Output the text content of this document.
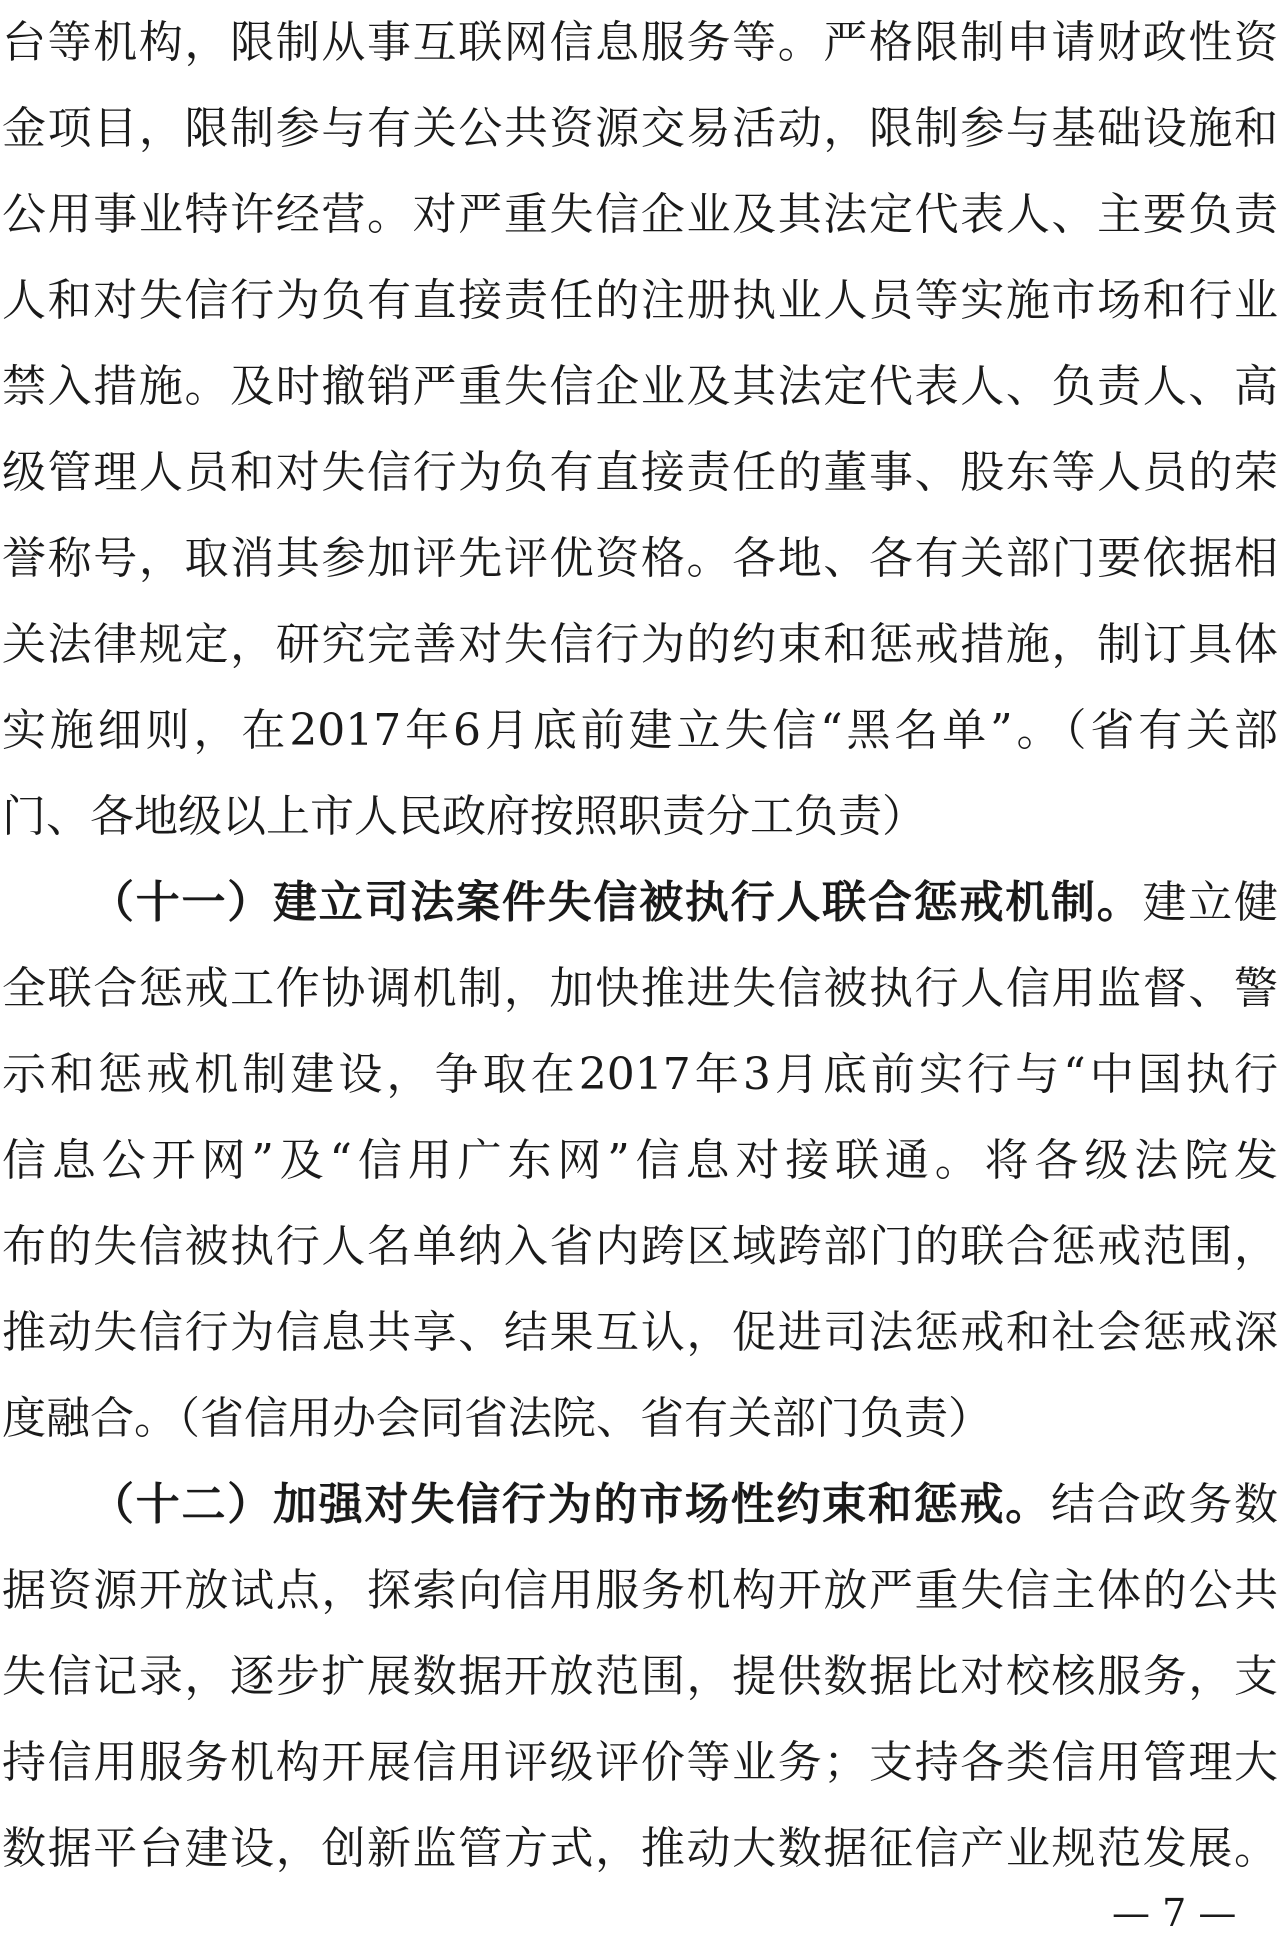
台等机构，限制从事互联网信息服务等。严格限制申请财政性资
金项目，限制参与有关公共资源交易活动，限制参与基础设施和
公用事业特许经营。对严重失信企业及其法定代表人、主要负责
人和对失信行为负有直接责任的注册执业人员等实施市场和行业
禁入措施。及时撤销严重失信企业及其法定代表人、负责人、高
级管理人员和对失信行为负有直接责任的董事、股东等人员的荣
誉称号，取消其参加评先评优资格。各地、各有关部门要依据相
关法律规定，研究完善对失信行为的约束和惩戒措施，制订具体
实施细则，在2017年6月底前建立失信“黑名单”。（省有关部
门、各地级以上市人民政府按照职责分工负责）
（十一）建立司法案件失信被执行人联合惩戒机制。建立健
全联合惩戒工作协调机制，加快推进失信被执行人信用监督、警
示和惩戒机制建设，争取在2017年3月底前实行与“中国执行
信息公开网”及“信用广东网”信息对接联通。将各级法院发
布的失信被执行人名单纳入省内跨区域跨部门的联合惩戒范围，
推动失信行为信息共享、结果互认，促进司法惩戒和社会惩戒深
度融合。（省信用办会同省法院、省有关部门负责）
（十二）加强对失信行为的市场性约束和惩戒。结合政务数
据资源开放试点，探索向信用服务机构开放严重失信主体的公共
失信记录，逐步扩展数据开放范围，提供数据比对校核服务，支
持信用服务机构开展信用评级评价等业务；支持各类信用管理大
数据平台建设，创新监管方式，推动大数据征信产业规范发展。
— 7 —
